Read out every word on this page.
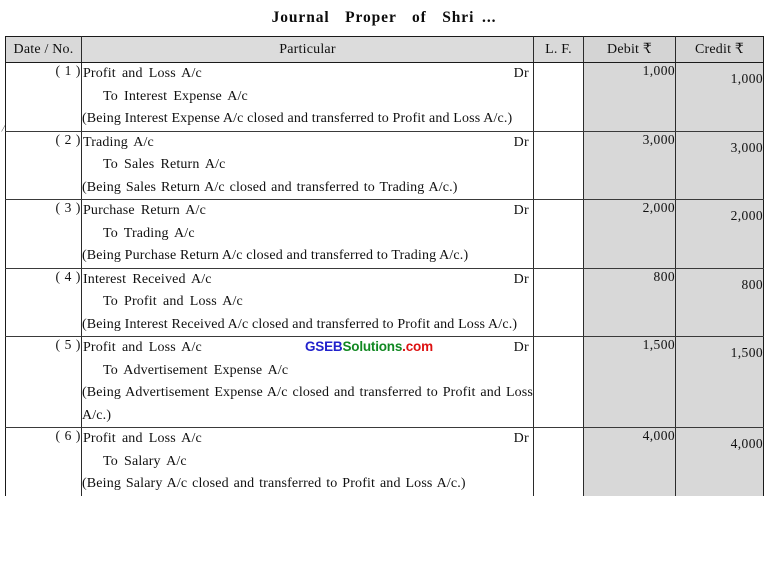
Journal  Proper  of  Shri ...
⁄
Date / No.	Particular	L. F.	Debit ₹	Credit ₹

( 1 )	Profit and Loss A/c Dr
To Interest Expense A/c
(Being Interest Expense A/c closed and transferred to Profit and Loss A/c.)		1,000	1,000

( 2 )	Trading A/c Dr
To Sales Return A/c
(Being Sales Return A/c closed and transferred to Trading A/c.)		3,000	3,000

( 3 )	Purchase Return A/c Dr
To Trading A/c
(Being Purchase Return A/c closed and transferred to Trading A/c.)		2,000	2,000

( 4 )	Interest Received A/c Dr
To Profit and Loss A/c
(Being Interest Received A/c closed and transferred to Profit and Loss A/c.)		800	800

( 5 )	Profit and Loss A/c Dr
To Advertisement Expense A/c
(Being Advertisement Expense A/c closed and transferred to Profit and Loss A/c.)		1,500	1,500

( 6 )	Profit and Loss A/c Dr
To Salary A/c
(Being Salary A/c closed and transferred to Profit and Loss A/c.)		4,000	4,000
GSEBSolutions.com
